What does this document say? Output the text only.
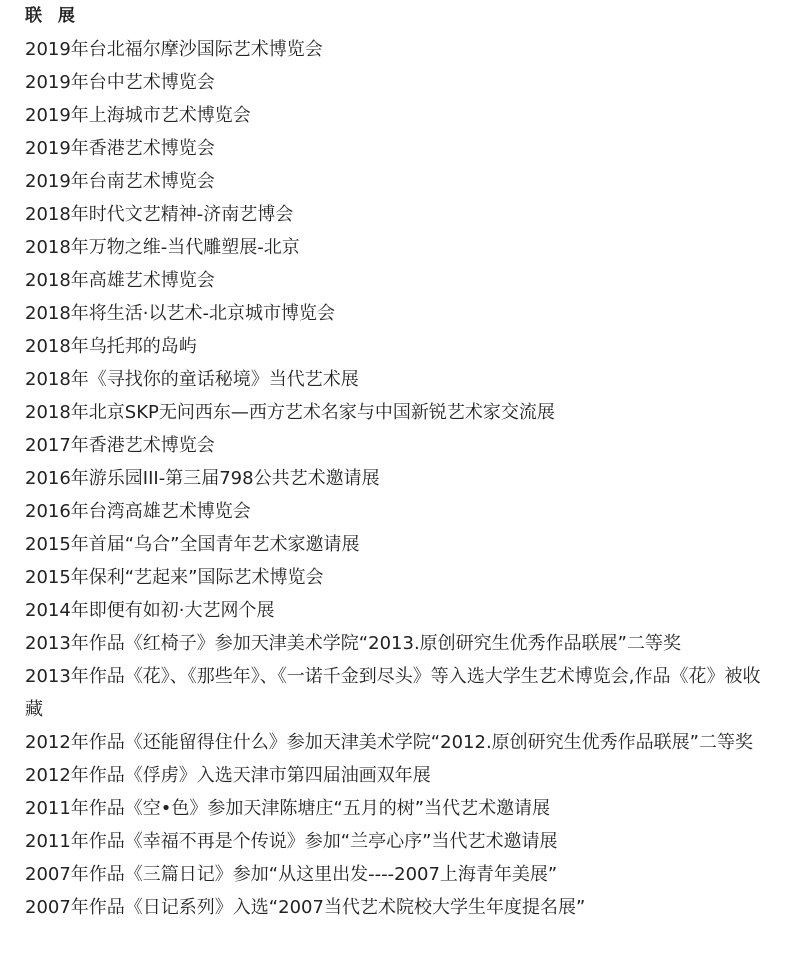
联 展
2019年台北福尔摩沙国际艺术博览会
2019年台中艺术博览会
2019年上海城市艺术博览会
2019年香港艺术博览会
2019年台南艺术博览会
2018年时代文艺精神-济南艺博会
2018年万物之维-当代雕塑展-北京
2018年高雄艺术博览会
2018年将生活·以艺术-北京城市博览会
2018年乌托邦的岛屿
2018年《寻找你的童话秘境》当代艺术展
2018年北京SKP无问西东—西方艺术名家与中国新锐艺术家交流展
2017年香港艺术博览会
2016年游乐园III-第三届798公共艺术邀请展
2016年台湾高雄艺术博览会
2015年首届“乌合”全国青年艺术家邀请展
2015年保利“艺起来”国际艺术博览会
2014年即便有如初·大艺网个展
2013年作品《红椅子》参加天津美术学院“2013.原创研究生优秀作品联展”二等奖
2013年作品《花》、《那些年》、《一诺千金到尽头》等入选大学生艺术博览会,作品《花》被收藏
2012年作品《还能留得住什么》参加天津美术学院“2012.原创研究生优秀作品联展”二等奖
2012年作品《俘虏》入选天津市第四届油画双年展
2011年作品《空•色》参加天津陈塘庄“五月的树”当代艺术邀请展
2011年作品《幸福不再是个传说》参加“兰亭心序”当代艺术邀请展
2007年作品《三篇日记》参加“从这里出发----2007上海青年美展”
2007年作品《日记系列》入选“2007当代艺术院校大学生年度提名展”
